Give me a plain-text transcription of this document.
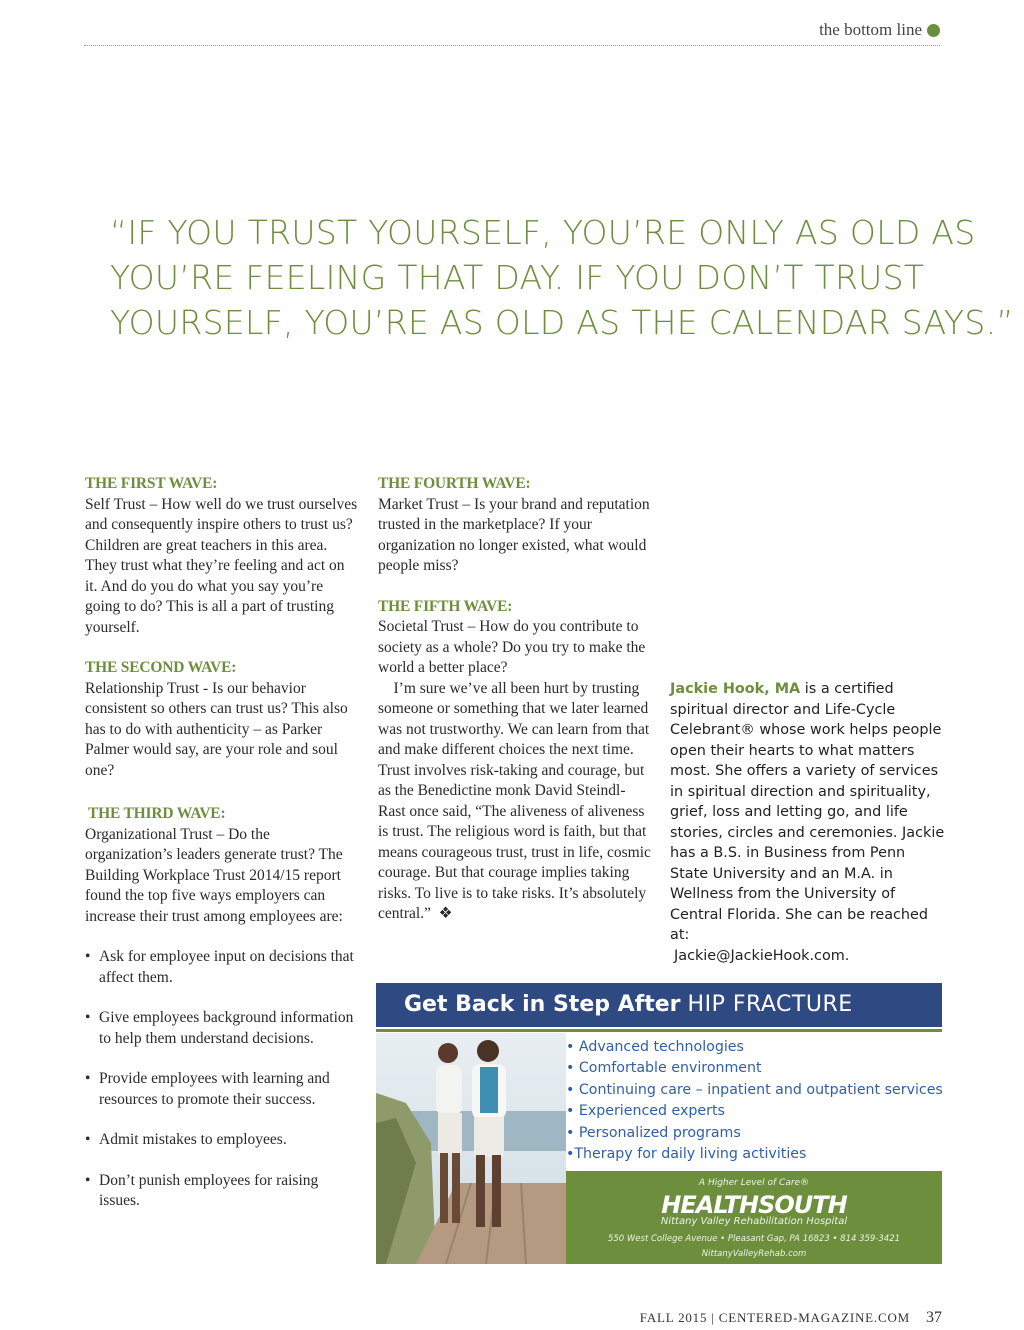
the bottom line
“IF YOU TRUST YOURSELF, YOU’RE ONLY AS OLD AS
YOU’RE FEELING THAT DAY. IF YOU DON’T TRUST
YOURSELF, YOU’RE AS OLD AS THE CALENDAR SAYS.”
THE FIRST WAVE:

Self Trust – How well do we trust ourselves and consequently inspire others to trust us? Children are great teachers in this area. They trust what they’re feeling and act on it. And do you do what you say you’re going to do? This is all a part of trusting yourself.

THE SECOND WAVE:

Relationship Trust - Is our behavior consistent so others can trust us? This also has to do with authenticity – as Parker Palmer would say, are your role and soul one?

THE THIRD WAVE:

Organizational Trust – Do the organization’s leaders generate trust? The Building Workplace Trust 2014/15 report found the top five ways employers can increase their trust among employees are:

• Ask for employee input on decisions that affect them.
• Give employees background information to help them understand decisions.
• Provide employees with learning and resources to promote their success.
• Admit mistakes to employees.
• Don’t punish employees for raising issues.
THE FOURTH WAVE:

Market Trust – Is your brand and reputation trusted in the marketplace? If your organization no longer existed, what would people miss?

THE FIFTH WAVE:

Societal Trust – How do you contribute to society as a whole? Do you try to make the world a better place?

I’m sure we’ve all been hurt by trusting someone or something that we later learned was not trustworthy. We can learn from that and make different choices the next time. Trust involves risk-taking and courage, but as the Benedictine monk David Steindl-Rast once said, “The aliveness of aliveness is trust. The religious word is faith, but that means courageous trust, trust in life, cosmic courage. But that courage implies taking risks. To live is to take risks. It’s absolutely central.” ❖

Jackie Hook, MA is a certified spiritual director and Life-Cycle Celebrant® whose work helps people open their hearts to what matters most. She offers a variety of services in spiritual direction and spirituality, grief, loss and letting go, and life stories, circles and ceremonies. Jackie has a B.S. in Business from Penn State University and an M.A. in Wellness from the University of Central Florida. She can be reached at:
Jackie@JackieHook.com.
Get Back in Step After HIP FRACTURE
• Advanced technologies
• Comfortable environment
• Continuing care – inpatient and outpatient services
• Experienced experts
• Personalized programs
•Therapy for daily living activities
A Higher Level of Care®
HEALTHSOUTH
Nittany Valley Rehabilitation Hospital
550 West College Avenue • Pleasant Gap, PA 16823 • 814 359-3421
NittanyValleyRehab.com
FALL 2015 | CENTERED-MAGAZINE.COM 37
